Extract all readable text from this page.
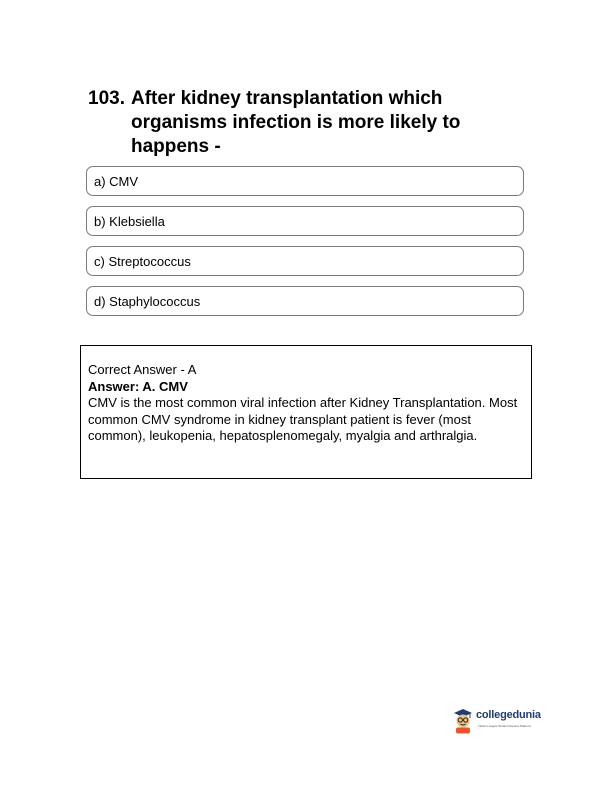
103. After kidney transplantation which organisms infection is more likely to happens -
a) CMV
b) Klebsiella
c) Streptococcus
d) Staphylococcus
Correct Answer - A
Answer: A. CMV
CMV is the most common viral infection after Kidney Transplantation. Most common CMV syndrome in kidney transplant patient is fever (most common), leukopenia, hepatosplenomegaly, myalgia and arthralgia.
collegedunia
India's Largest Student Review Platform
